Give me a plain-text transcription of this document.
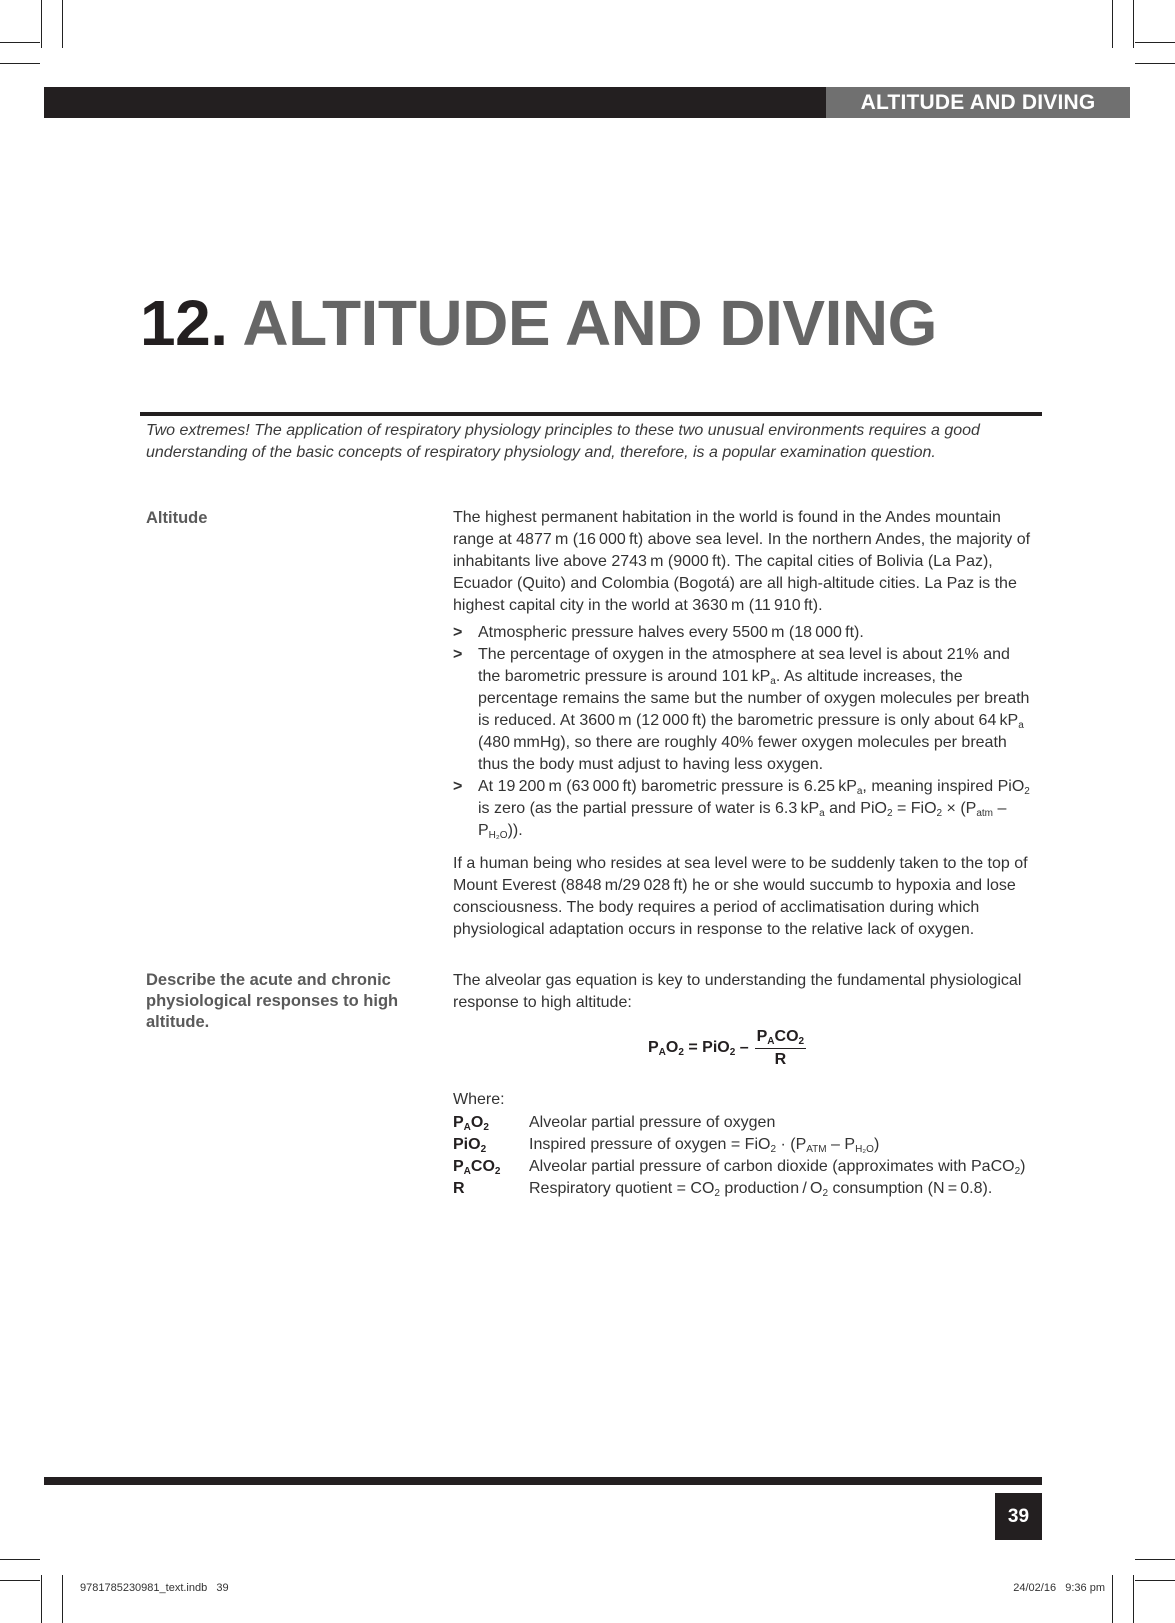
ALTITUDE AND DIVING
12. ALTITUDE AND DIVING

Two extremes! The application of respiratory physiology principles to these two unusual environments requires a good understanding of the basic concepts of respiratory physiology and, therefore, is a popular examination question.

Altitude	The highest permanent habitation in the world is found in the Andes mountain range at 4877 m (16 000 ft) above sea level. In the northern Andes, the majority of inhabitants live above 2743 m (9000 ft). The capital cities of Bolivia (La Paz), Ecuador (Quito) and Colombia (Bogotá) are all high-altitude cities. La Paz is the highest capital city in the world at 3630 m (11 910 ft).

> Atmospheric pressure halves every 5500 m (18 000 ft).
> The percentage of oxygen in the atmosphere at sea level is about 21% and the barometric pressure is around 101 $kP_a$. As altitude increases, the percentage remains the same but the number of oxygen molecules per breath is reduced. At 3600 m (12 000 ft) the barometric pressure is only about 64 $kP_a$ (480 mmHg), so there are roughly 40% fewer oxygen molecules per breath thus the body must adjust to having less oxygen.
> At 19 200 m (63 000 ft) barometric pressure is 6.25 $kP_a$, meaning inspired PiO$_2$ is zero (as the partial pressure of water is 6.3 $kP_a$ and $PiO_2 = FiO_2 \times (P_{atm} - P_{H_2O})$).

If a human being who resides at sea level were to be suddenly taken to the top of Mount Everest (8848 m/29 028 ft) he or she would succumb to hypoxia and lose consciousness. The body requires a period of acclimatisation during which physiological adaptation occurs in response to the relative lack of oxygen.

Describe the acute and chronic physiological responses to high altitude.

The alveolar gas equation is key to understanding the fundamental physiological response to high altitude:

$P_AO_2 = PiO_2 - \frac{P_ACO_2}{R}$

Where:

$P_AO_2$	Alveolar partial pressure of oxygen
PiO$_2$	Inspired pressure of oxygen = $FiO_2 \cdot (P_{ATM} - P_{H_2O})$
$P_ACO_2$	Alveolar partial pressure of carbon dioxide (approximates with PaCO$_2$)
R	Respiratory quotient = $CO_2$ production / $O_2$ consumption (N = 0.8).
39

9781785230981_text.indb   39	24/02/16   9:36 pm
